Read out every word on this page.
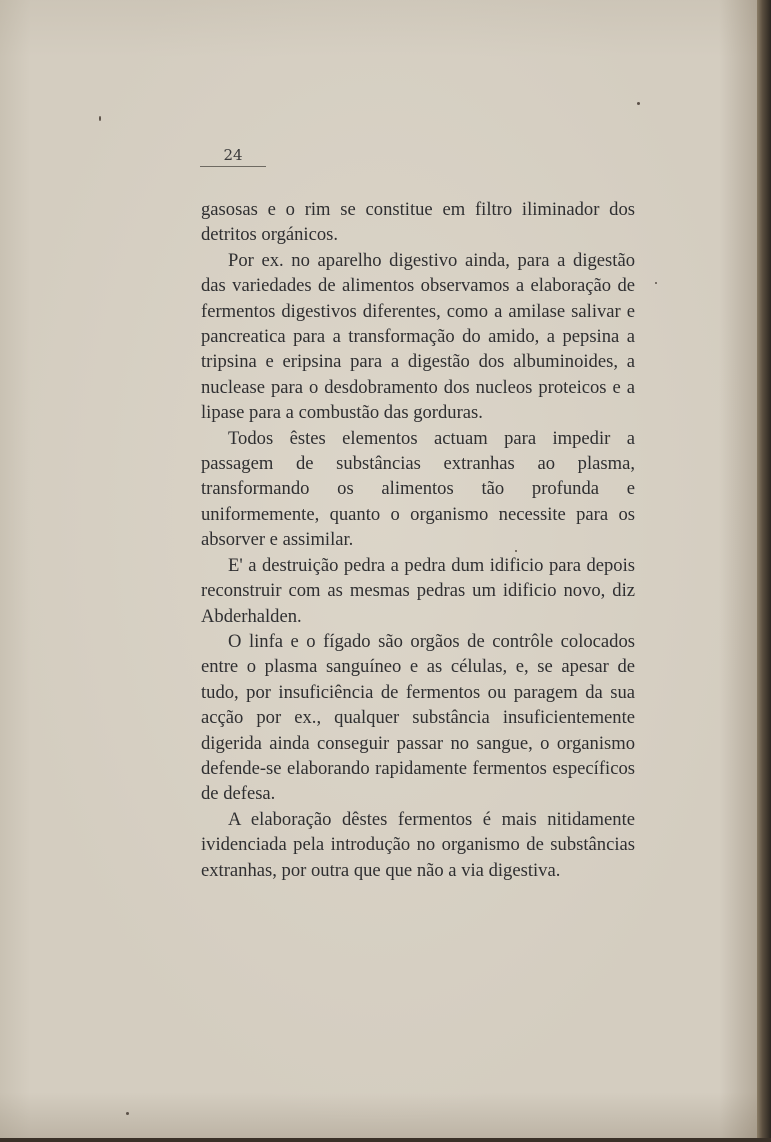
24

gasosas e o rim se constitue em filtro iliminador dos detritos orgánicos.

Por ex. no aparelho digestivo ainda, para a digestão das variedades de alimentos observamos a elaboração de fermentos digestivos diferentes, como a amilase salivar e pancreatica para a transformação do amido, a pepsina a tripsina e eripsina para a digestão dos albuminoides, a nuclease para o desdobramento dos nucleos proteicos e a lipase para a combustão das gorduras.

Todos êstes elementos actuam para impedir a passagem de substâncias extranhas ao plasma, transformando os alimentos tão profunda e uniformemente, quanto o organismo necessite para os absorver e assimilar.

E' a destruição pedra a pedra dum idificio para depois reconstruir com as mesmas pedras um idificio novo, diz Abderhalden.

O linfa e o fígado são orgãos de contrôle colocados entre o plasma sanguíneo e as células, e, se apesar de tudo, por insuficiência de fermentos ou paragem da sua acção por ex., qualquer substância insuficientemente digerida ainda conseguir passar no sangue, o organismo defende-se elaborando rapidamente fermentos específicos de defesa.

A elaboração dêstes fermentos é mais nitidamente ividenciada pela introdução no organismo de substâncias extranhas, por outra que que não a via digestiva.
